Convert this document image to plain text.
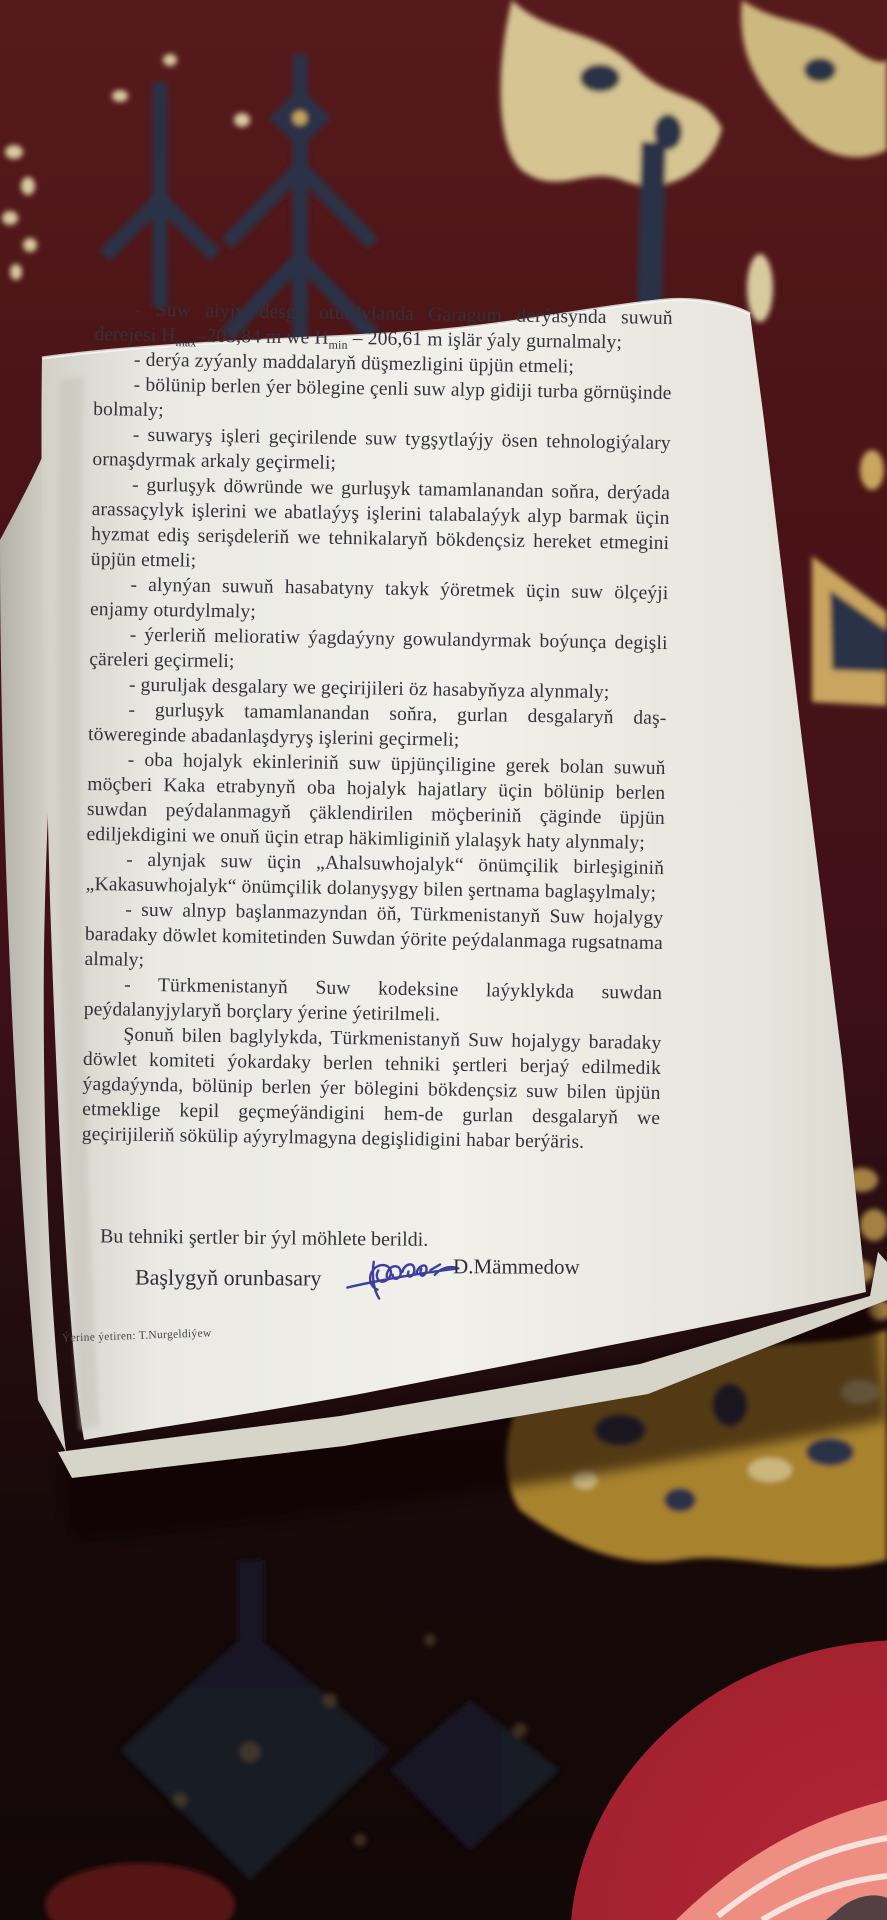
- Suw alyjy desga oturdylanda Garagum derýasynda suwuň derejesi $H_{max}-203,84$ m we $H_{min} - 206,61$ m işlär ýaly gurnalmaly;

- derýa zyýanly maddalaryň düşmezligini üpjün etmeli;

- bölünip berlen ýer bölegine çenli suw alyp gidiji turba görnüşinde bolmaly;

- suwaryş işleri geçirilende suw tygşytlaýjy ösen tehnologiýalary ornaşdyrmak arkaly geçirmeli;

- gurluşyk döwründe we gurluşyk tamamlanandan soňra, derýada arassaçylyk işlerini we abatlaýyş işlerini talabalaýyk alyp barmak üçin hyzmat ediş serişdeleriň we tehnikalaryň bökdençsiz hereket etmegini üpjün etmeli;

- alynýan suwuň hasabatyny takyk ýöretmek üçin suw ölçeýji enjamy oturdylmaly;

- ýerleriň melioratiw ýagdaýyny gowulandyrmak boýunça degişli çäreleri geçirmeli;

- guruljak desgalary we geçirijileri öz hasabyňyza alynmaly;

- gurluşyk tamamlanandan soňra, gurlan desgalaryň daş-töwereginde abadanlaşdyryş işlerini geçirmeli;

- oba hojalyk ekinleriniň suw üpjünçiligine gerek bolan suwuň möçberi Kaka etrabynyň oba hojalyk hajatlary üçin bölünip berlen suwdan peýdalanmagyň çäklendirilen möçberiniň çäginde üpjün ediljekdigini we onuň üçin etrap häkimliginiň ylalaşyk haty alynmaly;

- alynjak suw üçin „Ahalsuwhojalyk“ önümçilik birleşiginiň „Kakasuwhojalyk“ önümçilik dolanyşygy bilen şertnama baglaşylmaly;

- suw alnyp başlanmazyndan öň, Türkmenistanyň Suw hojalygy baradaky döwlet komitetinden Suwdan ýörite peýdalanmaga rugsatnama almaly;

- Türkmenistanyň Suw kodeksine laýyklykda suwdan peýdalanyjylaryň borçlary ýerine ýetirilmeli.

Şonuň bilen baglylykda, Türkmenistanyň Suw hojalygy baradaky döwlet komiteti ýokardaky berlen tehniki şertleri berjaý edilmedik ýagdaýynda, bölünip berlen ýer bölegini bökdençsiz suw bilen üpjün etmeklige kepil geçmeýändigini hem-de gurlan desgalaryň we geçirijileriň sökülip aýyrylmagyna degişlidigini habar berýäris.

Bu tehniki şertler bir ýyl möhlete berildi.
Başlygyň orunbasary	D.Mämmedow
Ýerine ýetiren: T.Nurgeldiýew
